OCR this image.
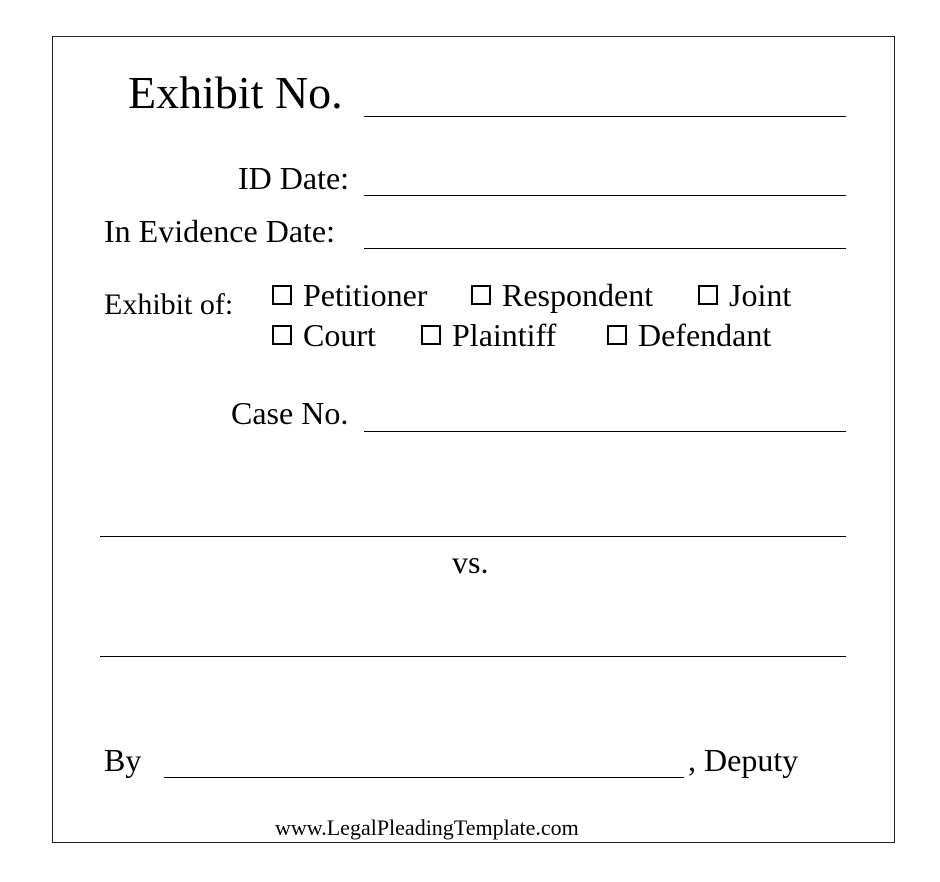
Exhibit No.
ID Date:
In Evidence Date:
Exhibit of: Petitioner Respondent Joint
Court Plaintiff	Defendant
Case No.
vs.
By	, Deputy
www.LegalPleadingTemplate.com
